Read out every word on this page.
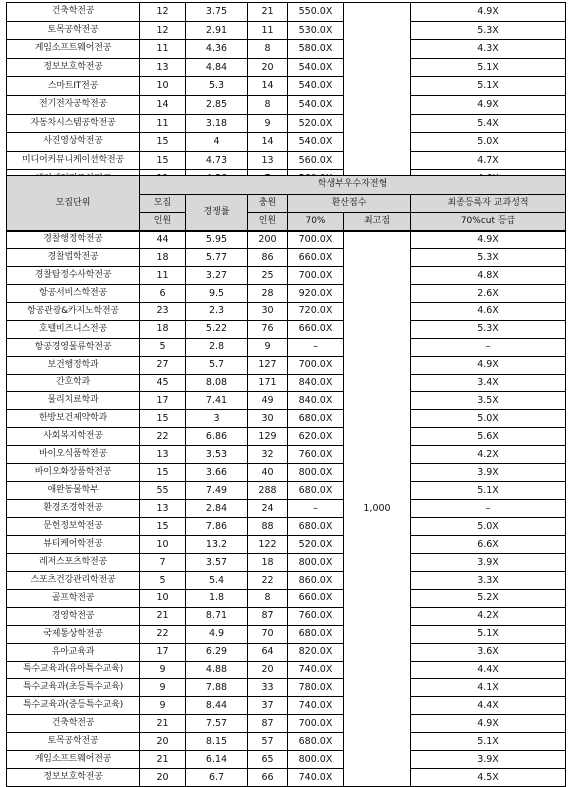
건축학전공	12	3.75	21	550.0X		4.9X
토목공학전공	12	2.91	11	530.0X		5.3X
게임소프트웨어전공	11	4.36	8	580.0X		4.3X
정보보호학전공	13	4.84	20	540.0X		5.1X
스마트IT전공	10	5.3	14	540.0X		5.1X
전기전자공학전공	14	2.85	8	540.0X		4.9X
자동차시스템공학전공	11	3.18	9	520.0X		5.4X
사진영상학전공	15	4	14	540.0X		5.0X
미디어커뮤니케이션학전공	15	4.73	13	560.0X		4.7X

모집단위	학생부우수자전형					
	모집	경쟁률	충원	환산점수		최종등록자 교과성적
	인원		인원	70%	최고점	70%cut 등급
경찰행정학전공	44	5.95	200	700.0X	1,000	4.9X
경찰법학전공	18	5.77	86	660.0X		5.3X
경찰탐정수사학전공	11	3.27	25	700.0X		4.8X
항공서비스학전공	6	9.5	28	920.0X		2.6X
항공관광&카지노학전공	23	2.3	30	720.0X		4.6X
호텔비즈니스전공	18	5.22	76	660.0X		5.3X
항공경영물류학전공	5	2.8	9	–		–
보건행정학과	27	5.7	127	700.0X		4.9X
간호학과	45	8.08	171	840.0X		3.4X
물리치료학과	17	7.41	49	840.0X		3.5X
한방보건제약학과	15	3	30	680.0X		5.0X
사회복지학전공	22	6.86	129	620.0X		5.6X
바이오식품학전공	13	3.53	32	760.0X		4.2X
바이오화장품학전공	15	3.66	40	800.0X		3.9X
애완동물학부	55	7.49	288	680.0X		5.1X
환경조경학전공	13	2.84	24	–		–
문헌정보학전공	15	7.86	88	680.0X		5.0X
뷰티케어학전공	10	13.2	122	520.0X		6.6X
레저스포츠학전공	7	3.57	18	800.0X		3.9X
스포츠건강관리학전공	5	5.4	22	860.0X		3.3X
골프학전공	10	1.8	8	660.0X		5.2X
경영학전공	21	8.71	87	760.0X		4.2X
국제통상학전공	22	4.9	70	680.0X		5.1X
유아교육과	17	6.29	64	820.0X		3.6X
특수교육과(유아특수교육)	9	4.88	20	740.0X		4.4X
특수교육과(초등특수교육)	9	7.88	33	780.0X		4.1X
특수교육과(중등특수교육)	9	8.44	37	740.0X		4.4X
건축학전공	21	7.57	87	700.0X		4.9X
토목공학전공	20	8.15	57	680.0X		5.1X
게임소프트웨어전공	21	6.14	65	800.0X		3.9X
정보보호학전공	20	6.7	66	740.0X		4.5X
